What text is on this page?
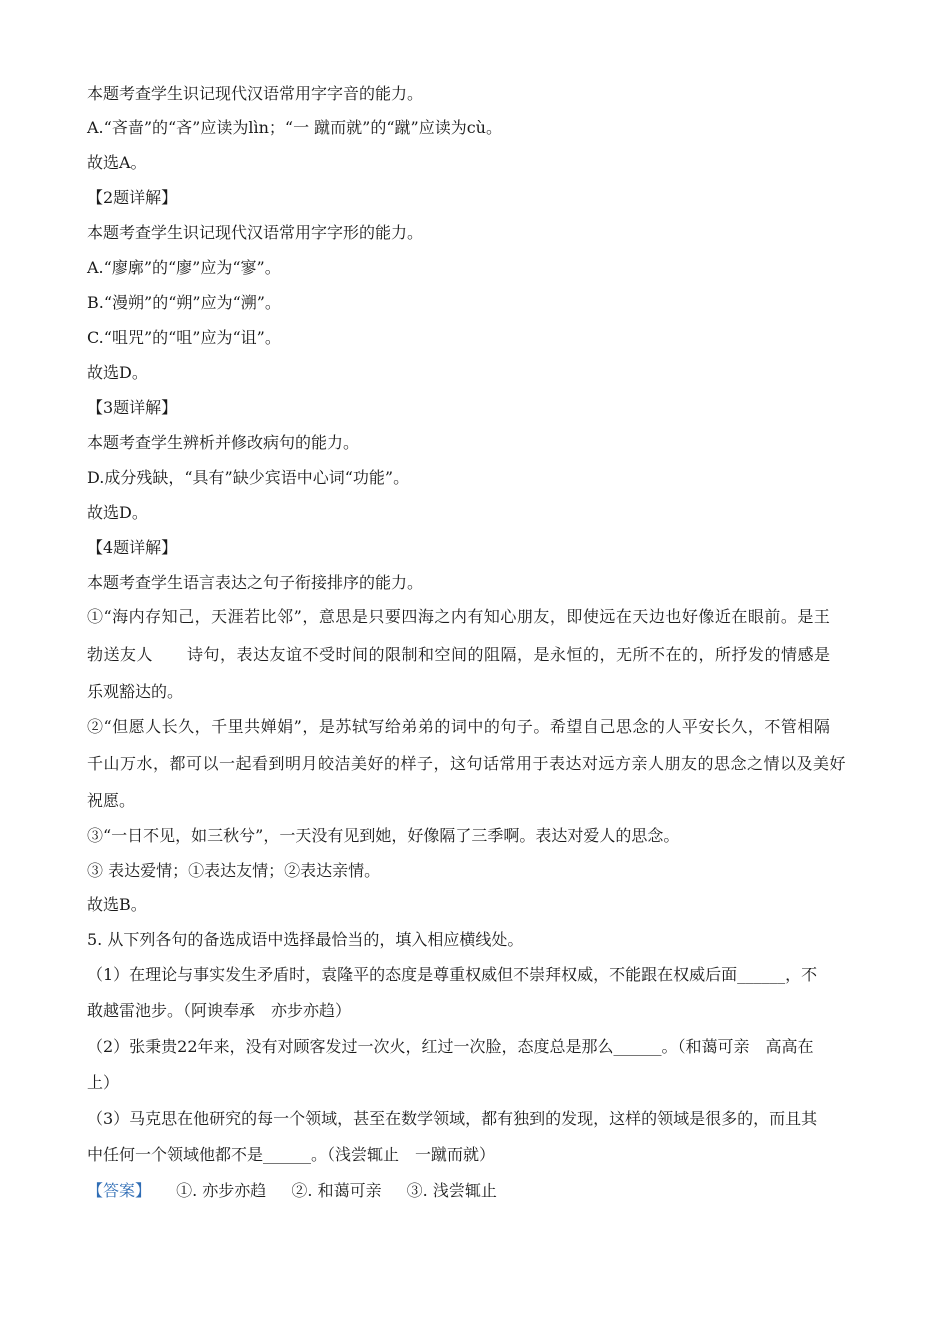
本题考查学生识记现代汉语常用字字音的能力。
A.“吝啬”的“吝”应读为lìn；“一 蹴而就”的“蹴”应读为cù。
故选A。
【2题详解】
本题考查学生识记现代汉语常用字字形的能力。
A.“廖廓”的“廖”应为“寥”。
B.“漫朔”的“朔”应为“溯”。
C.“咀咒”的“咀”应为“诅”。
故选D。
【3题详解】
本题考查学生辨析并修改病句的能力。
D.成分残缺，“具有”缺少宾语中心词“功能”。
故选D。
【4题详解】
本题考查学生语言表达之句子衔接排序的能力。
①“海内存知己，天涯若比邻”，意思是只要四海之内有知心朋友，即使远在天边也好像近在眼前。是王
勃送友人 诗句，表达友谊不受时间的限制和空间的阻隔，是永恒的，无所不在的，所抒发的情感是
乐观豁达的。
②“但愿人长久，千里共婵娟”，是苏轼写给弟弟的词中的句子。希望自己思念的人平安长久，不管相隔
千山万水，都可以一起看到明月皎洁美好的样子，这句话常用于表达对远方亲人朋友的思念之情以及美好
祝愿。
③“一日不见，如三秋兮”，一天没有见到她，好像隔了三季啊。表达对爱人的思念。
③ 表达爱情；①表达友情；②表达亲情。
故选B。
5. 从下列各句的备选成语中选择最恰当的，填入相应横线处。
（1）在理论与事实发生矛盾时，袁隆平的态度是尊重权威但不崇拜权威，不能跟在权威后面______，不
敢越雷池步。（阿谀奉承　亦步亦趋）
（2）张秉贵22年来，没有对顾客发过一次火，红过一次脸，态度总是那么______。（和蔼可亲　高高在
上）
（3）马克思在他研究的每一个领域，甚至在数学领域，都有独到的发现，这样的领域是很多的，而且其
中任何一个领域他都不是______。（浅尝辄止　一蹴而就）
【答案】 ①. 亦步亦趋 ②. 和蔼可亲 ③. 浅尝辄止
